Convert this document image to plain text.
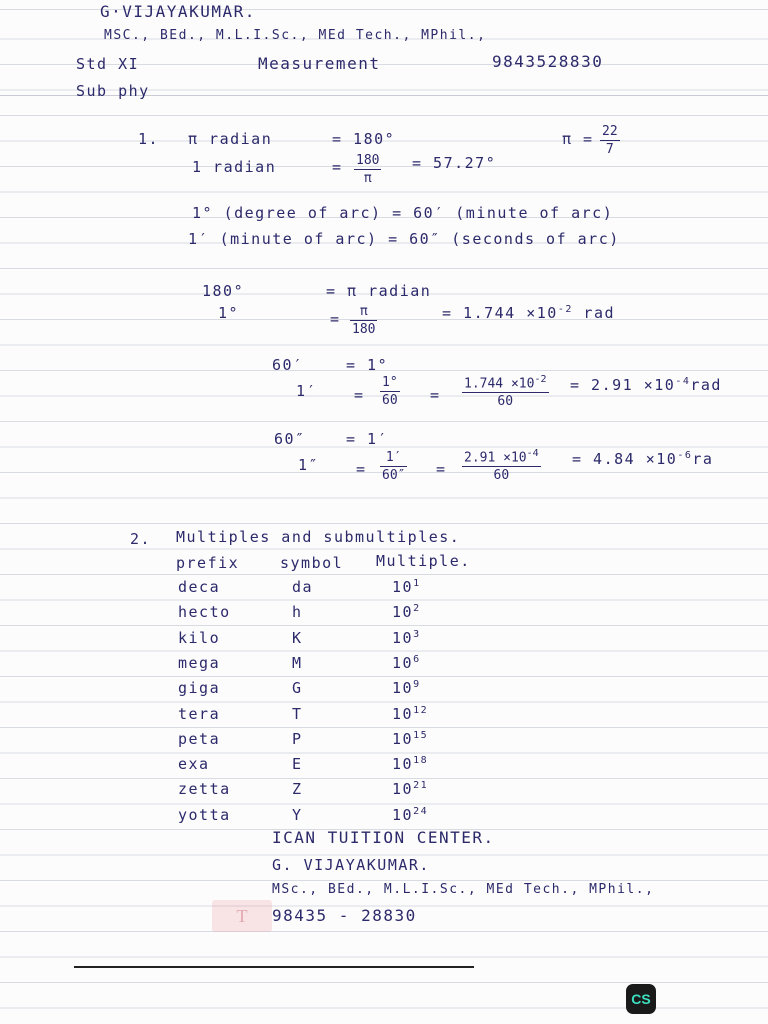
G·VIJAYAKUMAR.
MSC., BEd., M.L.I.Sc., MEd Tech., MPhil.,
Std XI	Measurement	9843528830
Sub phy
1. π radian	= 180°	π = 22
7
1 radian	= 180
π
= 57.27°
1° (degree of arc) = 60′ (minute of arc)
1′ (minute of arc) = 60″ (seconds of arc)
180°	= π radian
1°	=	π
180
= $1.744 \times 10^{-2}$ rad
60′	= 1°
1′ =
1°
60 =
$1.744 \times 10^{-2}$
60
= $2.91 \times 10^{-4}rad$
60″	= 1′
1″ =
1′
60″ =
$2.91 \times 10^{-4}$
60
= $4.84 \times 10^{-6}ra$
2. Multiples and submultiples.
prefix	symbol Multiple.
deca	da	$10^1$
hecto	h	$10^2$
kilo	K	$10^3$
mega	M	$10^6$
giga	G	$10^9$
tera	T	$10^{12}$
peta	P	$10^{15}$
exa	E	$10^{18}$
zetta	Z	$10^{21}$
yotta	Y	$10^{24}$
ICAN TUITION CENTER.
G. VIJAYAKUMAR.
MSc., BEd., M.L.I.Sc., MEd Tech., MPhil.,
T	98435 - 28830
CS
